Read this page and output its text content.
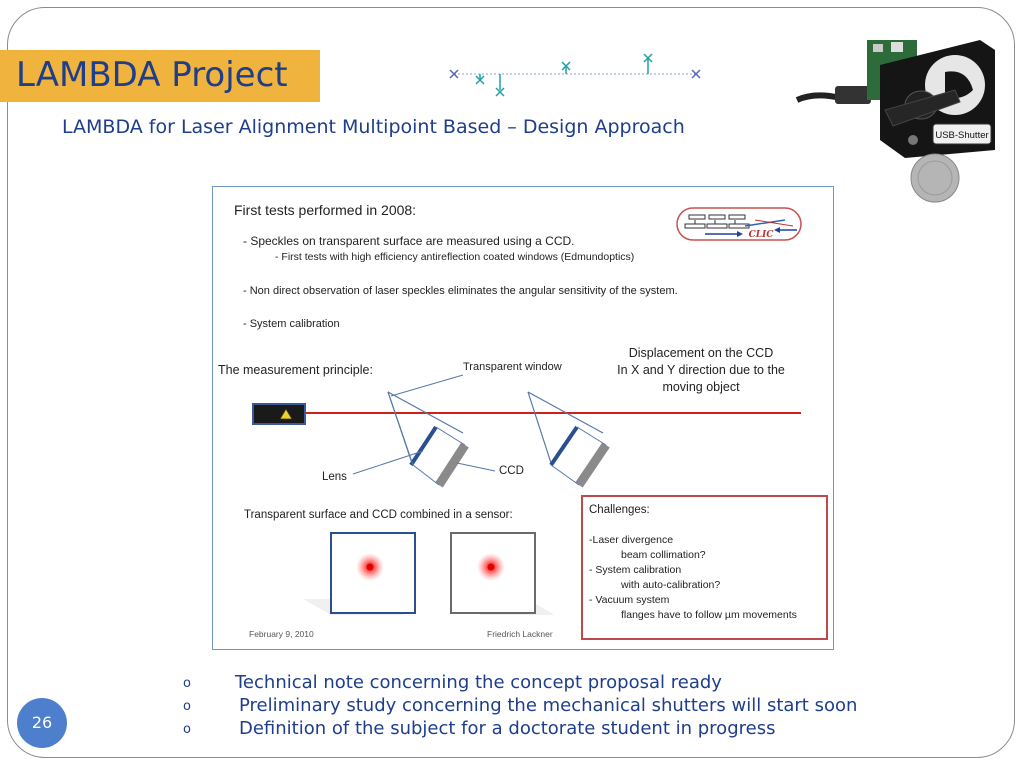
LAMBDA Project
LAMBDA for Laser Alignment Multipoint Based – Design Approach	USB-Shutter
First tests performed in 2008:
CLIC
- Speckles on transparent surface are measured using a CCD.
- First tests with high efficiency antireflection coated windows (Edmundoptics)
- Non direct observation of laser speckles eliminates the angular sensitivity of the system.
- System calibration
The measurement principle:	Transparent window
Displacement on the CCD
In X and Y direction due to the
moving object
Lens	CCD
Transparent surface and CCD combined in a sensor:	Challenges:
-Laser divergence
beam collimation?
- System calibration
with auto-calibration?
- Vacuum system
flanges have to follow µm movements
February 9, 2010	Friedrich Lackner
o Technical note concerning the concept proposal ready
o	Preliminary study concerning the mechanical shutters will start soon
o	Definition of the subject for a doctorate student in progress
26
